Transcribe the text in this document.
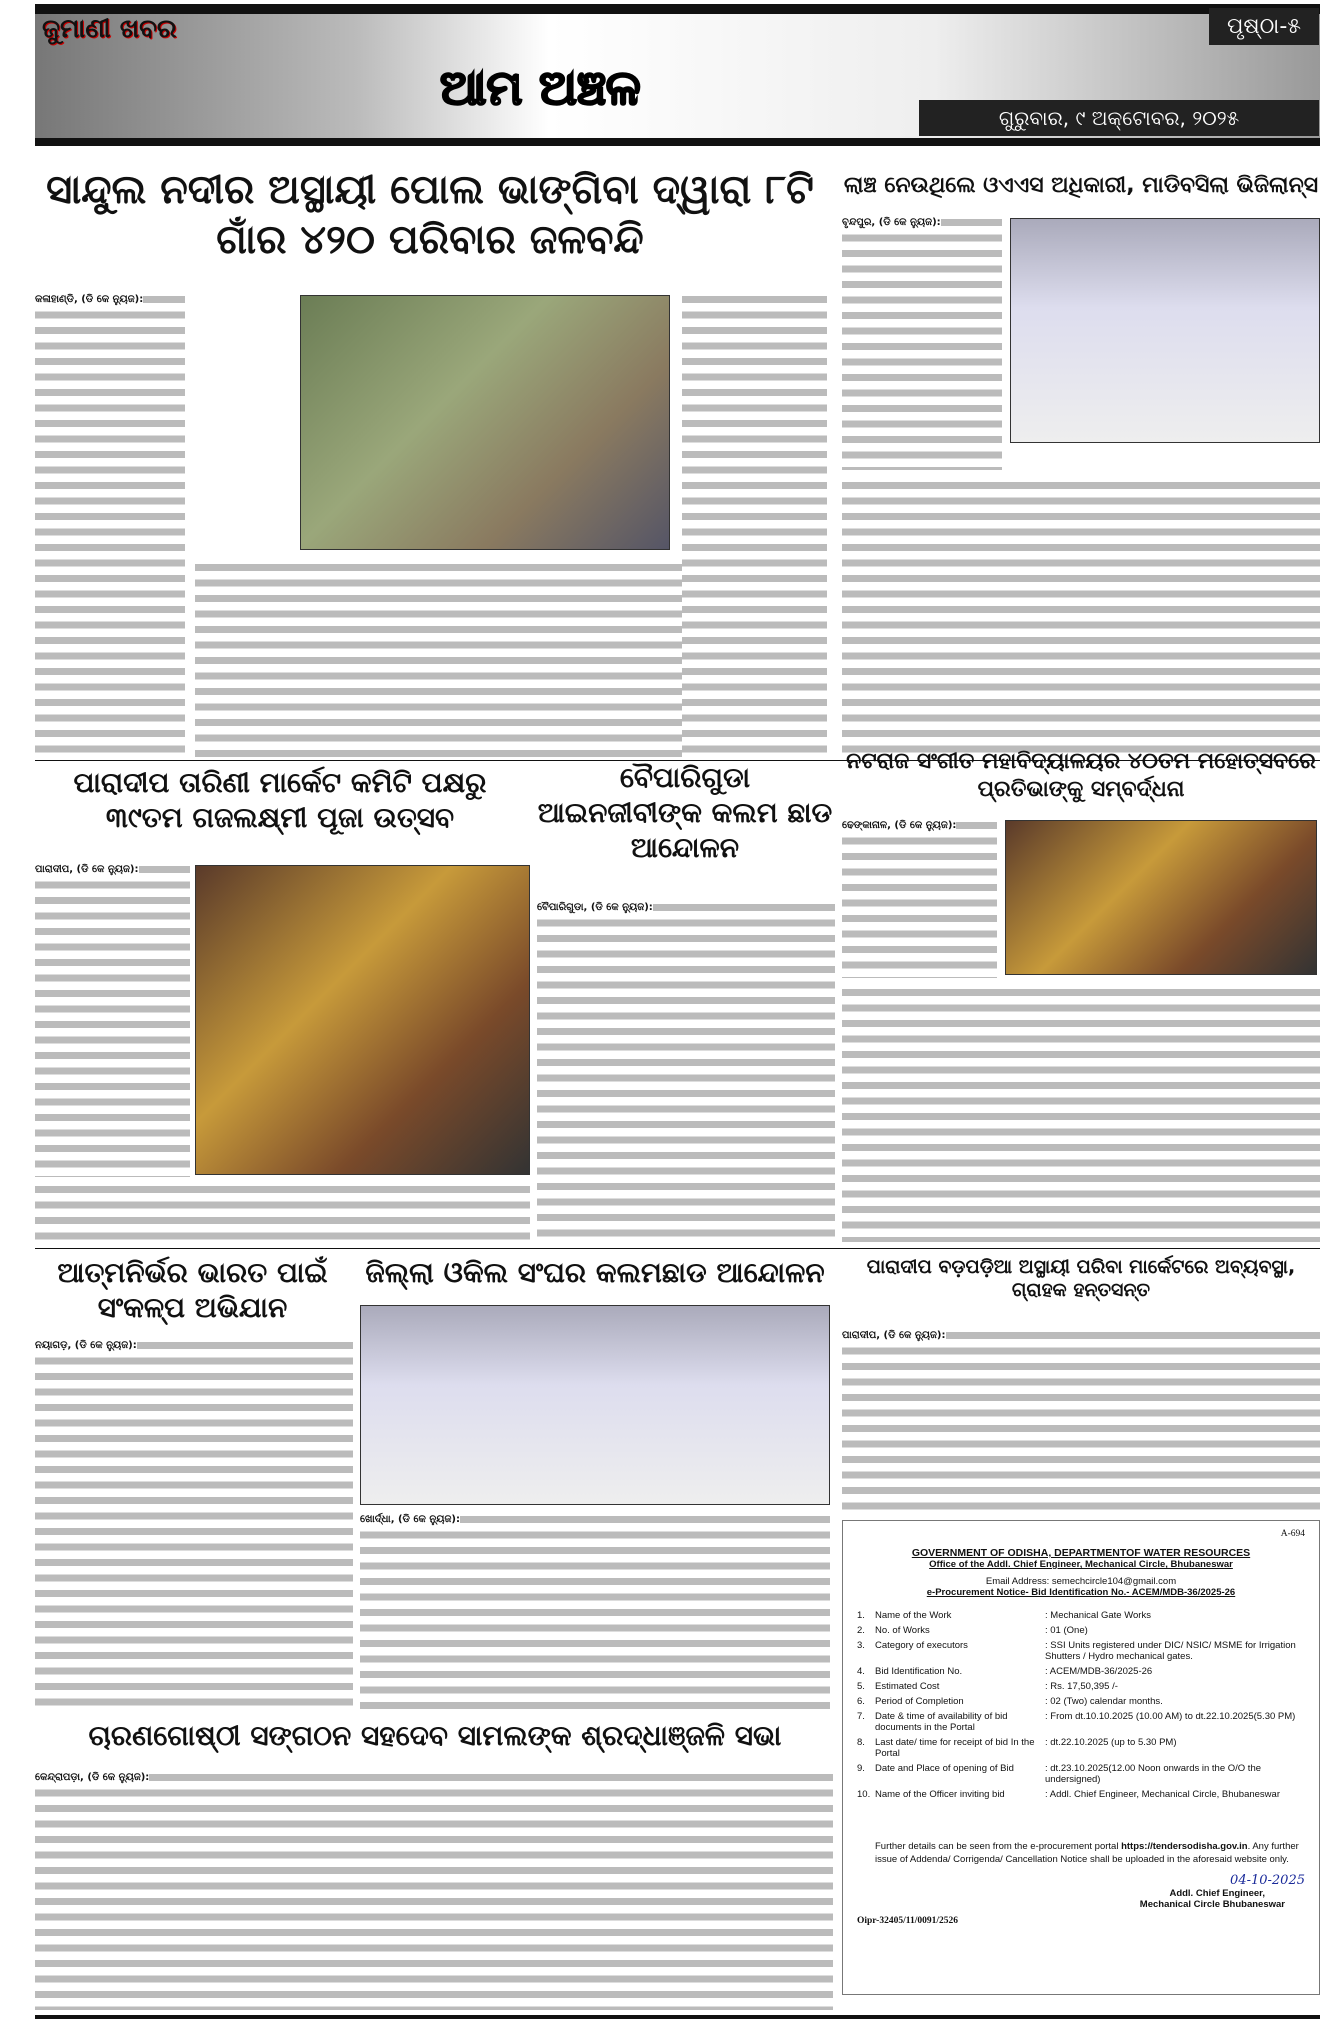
ଜୁମାଣୀ ଖବର
ଆମ ଅଞ୍ଚଳ
ପୃଷ୍ଠା-୫
ଗୁରୁବାର, ୯ ଅକ୍ଟୋବର, ୨୦୨୫
ସାନ୍ଦୁଲ ନଦୀର ଅସ୍ଥାୟୀ ପୋଲ ଭାଙ୍ଗିବା ଦ୍ୱାରା ୮ଟି ଗାଁର ୪୨୦ ପରିବାର ଜଳବନ୍ଦି
କଳାହାଣ୍ଡି, (ଡି କେ ନ୍ୟୁଜ):
ଲାଞ୍ଚ ନେଉଥିଲେ ଓଏଏସ ଅଧିକାରୀ, ମାଡିବସିଲା ଭିଜିଲାନ୍ସ
ବୃନ୍ଦପୁର, (ଡି କେ ନ୍ୟୁଜ):
ପାରାଦୀପ ତାରିଣୀ ମାର୍କେଟ କମିଟି ପକ୍ଷରୁ ୩୯ତମ ଗଜଲକ୍ଷ୍ମୀ ପୂଜା ଉତ୍ସବ
ପାରାଦୀପ, (ଡି କେ ନ୍ୟୁଜ):
ବୈପାରିଗୁଡା ଆଇନଜୀବୀଙ୍କ କଲମ ଛାଡ ଆନ୍ଦୋଳନ
ବୈପାରିଗୁଡା, (ଡି କେ ନ୍ୟୁଜ):
ନଟରାଜ ସଂଗୀତ ମହାବିଦ୍ୟାଳୟର ୪୦ତମ ମହୋତ୍ସବରେ ପ୍ରତିଭାଙ୍କୁ ସମ୍ବର୍ଦ୍ଧନା
ଢେଙ୍କାନାଳ, (ଡି କେ ନ୍ୟୁଜ):
ଆତ୍ମନିର୍ଭର ଭାରତ ପାଇଁ ସଂକଳ୍ପ ଅଭିଯାନ
ନୟାଗଡ଼, (ଡି କେ ନ୍ୟୁଜ):
ଜିଲ୍ଲା ଓକିଲ ସଂଘର କଲମଛାଡ ଆନ୍ଦୋଳନ
ଖୋର୍ଦ୍ଧା, (ଡି କେ ନ୍ୟୁଜ):
ପାରାଦୀପ ବଡ଼ପଡ଼ିଆ ଅସ୍ଥାୟୀ ପରିବା ମାର୍କେଟରେ ଅବ୍ୟବସ୍ଥା, ଗ୍ରାହକ ହନ୍ତସନ୍ତ
ପାରାଦୀପ, (ଡି କେ ନ୍ୟୁଜ):
A-694
GOVERNMENT OF ODISHA, DEPARTMENTOF WATER RESOURCES
Office of the Addl. Chief Engineer, Mechanical Circle, Bhubaneswar
Email Address: semechcircle104@gmail.com
e-Procurement Notice- Bid Identification No.- ACEM/MDB-36/2025-26
1.	Name of the Work	: Mechanical Gate Works
2.	No. of Works	: 01 (One)
3.	Category of executors	: SSI Units registered under DIC/ NSIC/ MSME for Irrigation Shutters / Hydro mechanical gates.
4.	Bid Identification No.	: ACEM/MDB-36/2025-26
5.	Estimated Cost	: Rs. 17,50,395 /-
6.	Period of Completion	: 02 (Two) calendar months.
7.	Date & time of availability of bid documents in the Portal	: From dt.10.10.2025 (10.00 AM) to dt.22.10.2025(5.30 PM)
8.	Last date/ time for receipt of bid In the Portal	: dt.22.10.2025 (up to 5.30 PM)
9.	Date and Place of opening of Bid	: dt.23.10.2025(12.00 Noon onwards in the O/O the undersigned)
10.	Name of the Officer inviting bid	: Addl. Chief Engineer, Mechanical Circle, Bhubaneswar

Further details can be seen from the e-procurement portal https://tendersodisha.gov.in. Any further issue of Addenda/ Corrigenda/ Cancellation Notice shall be uploaded in the aforesaid website only.

04-10-2025
Addl. Chief Engineer,
Mechanical Circle Bhubaneswar
Oipr-32405/11/0091/2526
ଚାରଣଗୋଷ୍ଠୀ ସଙ୍ଗଠନ ସହଦେବ ସାମଲଙ୍କ ଶ୍ରଦ୍ଧାଞ୍ଜଳି ସଭା
କେନ୍ଦ୍ରାପଡ଼ା, (ଡି କେ ନ୍ୟୁଜ):
